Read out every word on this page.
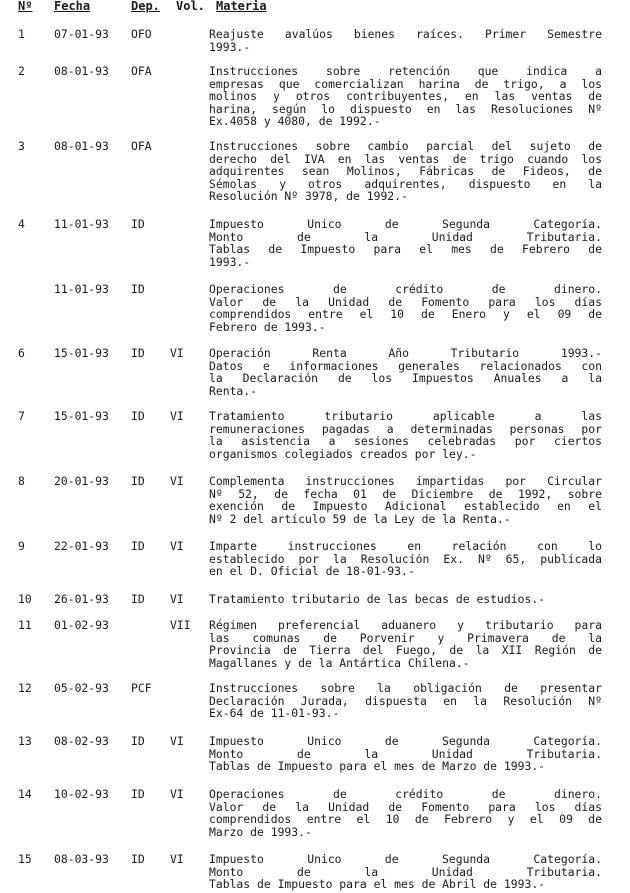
Nº Fecha	Dep. Vol. Materia
1	07-01-93 OFO	Reajuste avalúos bienes raíces. Primer Semestre
1993.-
2	08-01-93 OFA	Instrucciones sobre retención que indica a
empresas que comercializan harina de trigo, a los
molinos y otros contribuyentes, en las ventas de
harina, según lo dispuesto en las Resoluciones Nº
Ex.4058 y 4080, de 1992.-
3	08-01-93 OFA	Instrucciones sobre cambio parcial del sujeto de
derecho del IVA en las ventas de trigo cuando los
adquirentes sean Molinos, Fábricas de Fideos, de
Sémolas y otros adquirentes, dispuesto en la
Resolución Nº 3978, de 1992.-
4	11-01-93 ID	Impuesto Unico de Segunda Categoría.
Monto de la Unidad Tributaria.
Tablas de Impuesto para el mes de Febrero de
1993.-
11-01-93 ID	Operaciones de crédito de dinero.
Valor de la Unidad de Fomento para los días
comprendidos entre el 10 de Enero y el 09 de
Febrero de 1993.-
6	15-01-93 ID VI Operación Renta Año Tributario 1993.-
Datos e informaciones generales relacionados con
la Declaración de los Impuestos Anuales a la
Renta.-
7	15-01-93 ID VI Tratamiento tributario aplicable a las
remuneraciones pagadas a determinadas personas por
la asistencia a sesiones celebradas por ciertos
organismos colegiados creados por ley.-
8	20-01-93 ID VI Complementa instrucciones impartidas por Circular
Nº 52, de fecha 01 de Diciembre de 1992, sobre
exención de Impuesto Adicional establecido en el
Nº 2 del artículo 59 de la Ley de la Renta.-
9	22-01-93 ID VI Imparte instrucciones en relación con lo
establecido por la Resolución Ex. Nº 65, publicada
en el D. Oficial de 18-01-93.-
10	26-01-93 ID VI Tratamiento tributario de las becas de estudios.-
11	01-02-93	VII Régimen preferencial aduanero y tributario para
las comunas de Porvenir y Primavera de la
Provincia de Tierra del Fuego, de la XII Región de
Magallanes y de la Antártica Chilena.-
12	05-02-93 PCF	Instrucciones sobre la obligación de presentar
Declaración Jurada, dispuesta en la Resolución Nº
Ex-64 de 11-01-93.-
13	08-02-93 ID VI Impuesto Unico de Segunda Categoría.
Monto de la Unidad Tributaria.
Tablas de Impuesto para el mes de Marzo de 1993.-
14	10-02-93 ID VI Operaciones de crédito de dinero.
Valor de la Unidad de Fomento para los días
comprendidos entre el 10 de Febrero y el 09 de
Marzo de 1993.-
15	08-03-93 ID VI Impuesto Unico de Segunda Categoría.
Monto de la Unidad Tributaria.
Tablas de Impuesto para el mes de Abril de 1993.-
